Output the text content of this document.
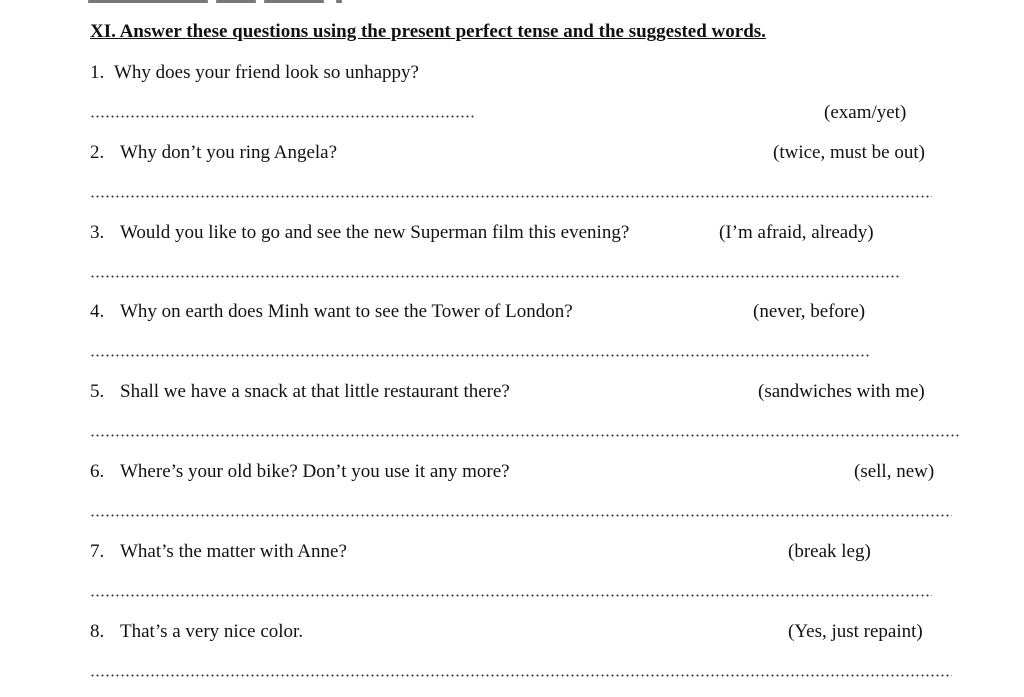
XI. Answer these questions using the present perfect tense and the suggested words.
1. Why does your friend look so unhappy?
(exam/yet)
2. Why don’t you ring Angela?	(twice, must be out)
3. Would you like to go and see the new Superman film this evening?	(I’m afraid, already)
4. Why on earth does Minh want to see the Tower of London?	(never, before)
5. Shall we have a snack at that little restaurant there?	(sandwiches with me)
6. Where’s your old bike? Don’t you use it any more?	(sell, new)
7. What’s the matter with Anne?	(break leg)
8. That’s a very nice color.	(Yes, just repaint)
